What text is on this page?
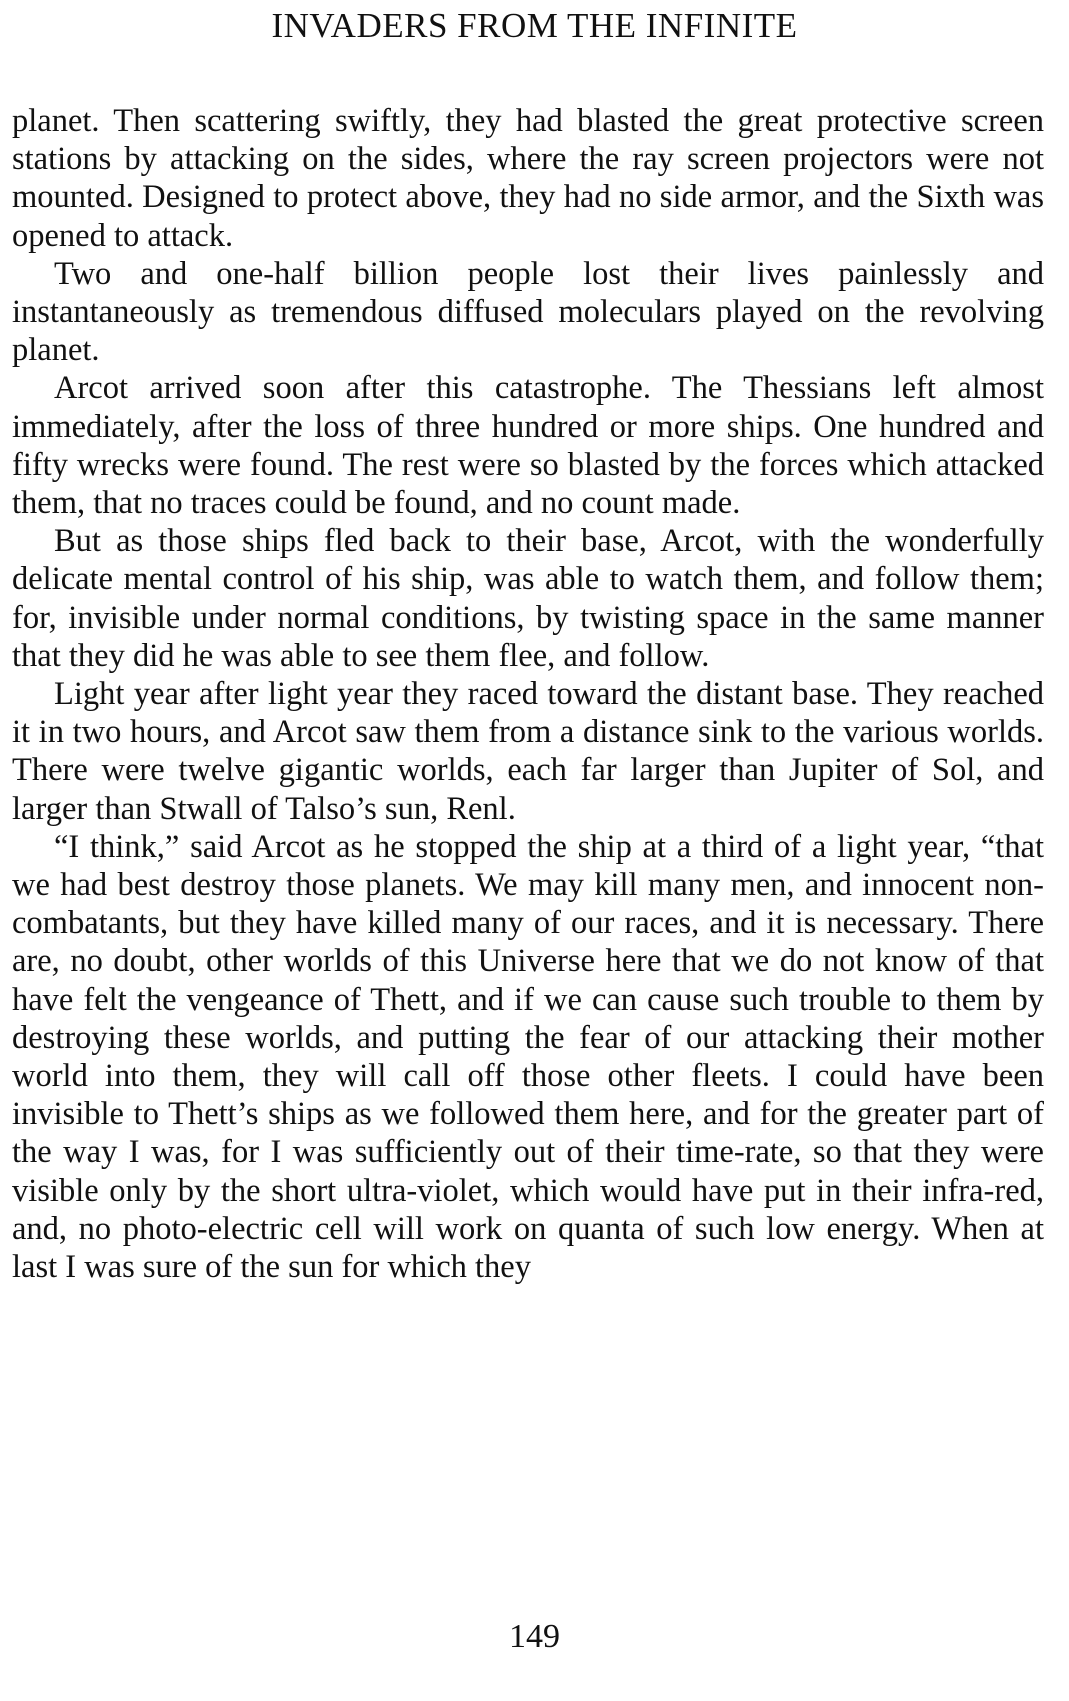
INVADERS FROM THE INFINITE

planet. Then scattering swiftly, they had blasted the great protective screen stations by attacking on the sides, where the ray screen projectors were not mounted. Designed to protect above, they had no side armor, and the Sixth was opened to attack.

Two and one-half billion people lost their lives painlessly and instantaneously as tremendous diffused moleculars played on the revolving planet.

Arcot arrived soon after this catastrophe. The Thessians left almost immediately, after the loss of three hundred or more ships. One hundred and fifty wrecks were found. The rest were so blasted by the forces which attacked them, that no traces could be found, and no count made.

But as those ships fled back to their base, Arcot, with the wonderfully delicate mental control of his ship, was able to watch them, and follow them; for, invisible under normal conditions, by twisting space in the same manner that they did he was able to see them flee, and follow.

Light year after light year they raced toward the distant base. They reached it in two hours, and Arcot saw them from a distance sink to the various worlds. There were twelve gigantic worlds, each far larger than Jupiter of Sol, and larger than Stwall of Talso’s sun, Renl.

“I think,” said Arcot as he stopped the ship at a third of a light year, “that we had best destroy those planets. We may kill many men, and innocent non-combatants, but they have killed many of our races, and it is necessary. There are, no doubt, other worlds of this Universe here that we do not know of that have felt the vengeance of Thett, and if we can cause such trouble to them by destroying these worlds, and putting the fear of our attacking their mother world into them, they will call off those other fleets. I could have been invisible to Thett’s ships as we followed them here, and for the greater part of the way I was, for I was sufficiently out of their time-rate, so that they were visible only by the short ultra-violet, which would have put in their infra-red, and, no photo-electric cell will work on quanta of such low energy. When at last I was sure of the sun for which they

149
